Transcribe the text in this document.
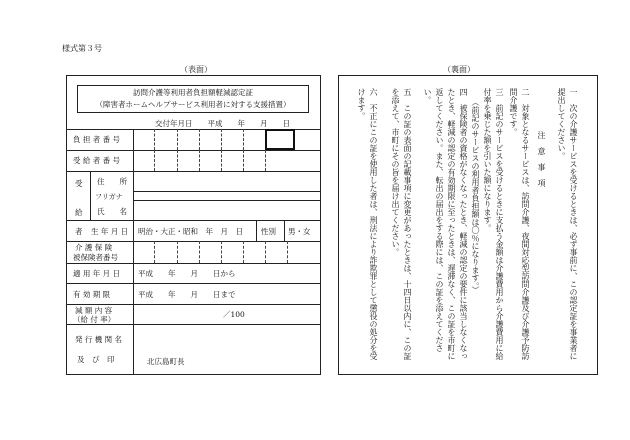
様式第３号
（表面）	（裏面）
訪問介護等利用者負担額軽減認定証
（障害者ホームヘルプサービス利用者に対する支援措置）
交付年月日　　平成　　年　　月　　日
負 担 者 番 号
受 給 者 番 号
受
給
者
住　　所
フリガナ
氏　　名
生 年 月 日 明治・大正・昭和　年　月　日 性別 男・女
介 護 保 険
被保険者番号
適 用 年 月 日 平成　　年　　月　　日から
有 効 期 限	平成　　年　　月　　日まで
減 額 内 容
（給 付 率）
／100
発 行 機 関 名
及　び　印	北広島町長
注　意　事　項	一　次の介護サービスを受けるときは、必ず事前に、この認定証を事業者に提出してください。
二　対象となるサービスは、訪問介護、夜間対応型訪問介護及び介護予防訪問介護です。
三　前記のサービスを受けるときに支払う金額は介護費用から介護費用に給付率を乗じた額を引いた額になります。
（前記のサービスの利用者負担額は〇％になります。）
四　被保険者の資格がなくなったとき、軽減の認定の要件に該当しなくなったとき、軽減の認定の有効期限に至ったときは、遅滞なく、この証を市町に返してください。また、転出の届出をする際には、この証を添えてください。
五　この証の表面の記載事項に変更があったときは、十四日以内に、この証を添えて、市町にその旨を届け出てください。
六　不正にこの証を使用した者は、刑法により詐欺罪として懲役の処分を受けます。
